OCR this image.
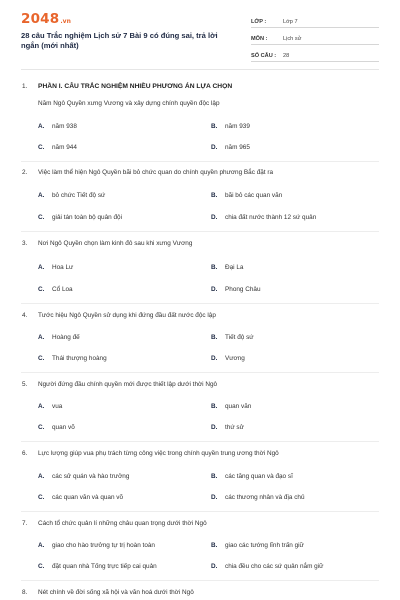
2048 .vn
28 câu Trắc nghiệm Lịch sử 7 Bài 9 có đúng sai, trả lời ngắn (mới nhất)
LỚP :	Lớp 7
MÔN :	Lịch sử
SỐ CÂU :	28
1. PHẦN I. CÂU TRẮC NGHIỆM NHIỀU PHƯƠNG ÁN LỰA CHỌN
Năm Ngô Quyền xưng Vương và xây dựng chính quyền độc lập
A. năm 938	B. năm 939
C. năm 944	D. năm 965
2. Việc làm thể hiện Ngô Quyền bãi bỏ chức quan do chính quyền phương Bắc đặt ra
A. bỏ chức Tiết độ sứ	B. bãi bỏ các quan văn
C. giải tán toàn bộ quân đội	D. chia đất nước thành 12 sứ quân
3. Nơi Ngô Quyền chọn làm kinh đô sau khi xưng Vương
A. Hoa Lư	B. Đại La
C. Cổ Loa	D. Phong Châu
4. Tước hiệu Ngô Quyền sử dụng khi đứng đầu đất nước độc lập
A. Hoàng đế	B. Tiết độ sứ
C. Thái thượng hoàng	D. Vương
5. Người đứng đầu chính quyền mới được thiết lập dưới thời Ngô
A. vua	B. quan văn
C. quan võ	D. thứ sử
6. Lực lượng giúp vua phụ trách từng công việc trong chính quyền trung ương thời Ngô
A. các sử quán và hào trưởng	B. các tăng quan và đạo sĩ
C. các quan văn và quan võ	D. các thương nhân và địa chủ
7. Cách tổ chức quản lí những châu quan trọng dưới thời Ngô
A. giao cho hào trưởng tự trị hoàn toàn	B. giao các tướng lĩnh trấn giữ
C. đặt quan nhà Tống trực tiếp cai quản	D. chia đều cho các sứ quân nắm giữ
8. Nét chính về đời sống xã hội và văn hoá dưới thời Ngô
